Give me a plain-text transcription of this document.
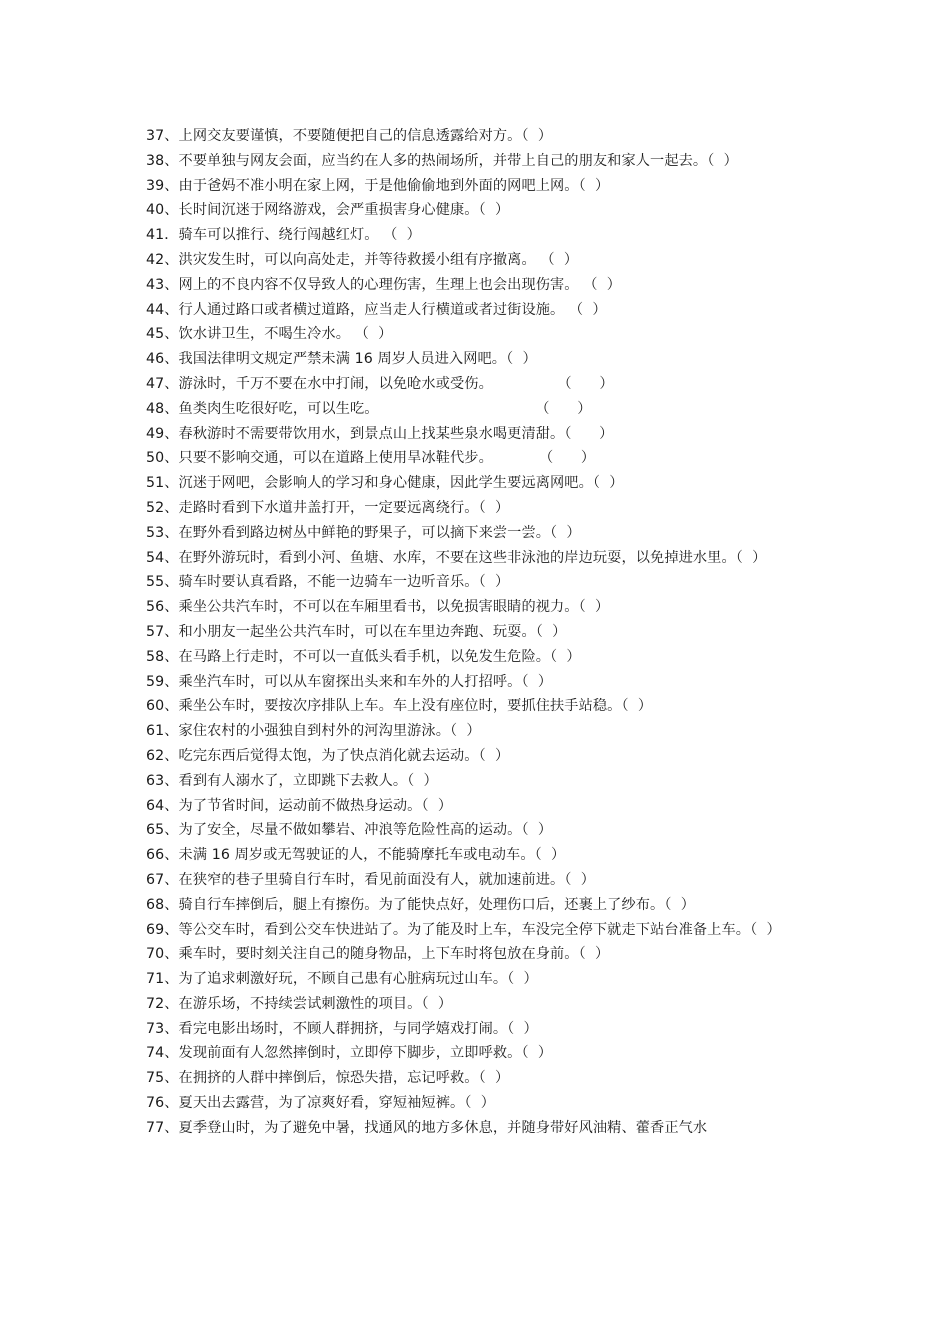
37、上网交友要谨慎，不要随便把自己的信息透露给对方。（  ）

38、不要单独与网友会面，应当约在人多的热闹场所，并带上自己的朋友和家人一起去。（  ）

39、由于爸妈不准小明在家上网，于是他偷偷地到外面的网吧上网。（  ）

40、长时间沉迷于网络游戏，会严重损害身心健康。（  ）

41．骑车可以推行、绕行闯越红灯。 （  ）

42、洪灾发生时，可以向高处走，并等待救援小组有序撤离。 （  ）

43、网上的不良内容不仅导致人的心理伤害，生理上也会出现伤害。 （  ）

44、行人通过路口或者横过道路，应当走人行横道或者过街设施。 （  ）

45、饮水讲卫生，不喝生冷水。 （  ）

46、我国法律明文规定严禁未满 16 周岁人员进入网吧。（  ）

47、游泳时，千万不要在水中打闹，以免呛水或受伤。              （      ）

48、鱼类肉生吃很好吃，可以生吃。                                  （      ）

49、春秋游时不需要带饮用水，到景点山上找某些泉水喝更清甜。（      ）

50、只要不影响交通，可以在道路上使用旱冰鞋代步。          （      ）

51、沉迷于网吧，会影响人的学习和身心健康，因此学生要远离网吧。（  ）

52、走路时看到下水道井盖打开，一定要远离绕行。（  ）

53、在野外看到路边树丛中鲜艳的野果子，可以摘下来尝一尝。（  ）

54、在野外游玩时，看到小河、鱼塘、水库，不要在这些非泳池的岸边玩耍，以免掉进水里。（  ）

55、骑车时要认真看路，不能一边骑车一边听音乐。（  ）

56、乘坐公共汽车时，不可以在车厢里看书，以免损害眼睛的视力。（  ）

57、和小朋友一起坐公共汽车时，可以在车里边奔跑、玩耍。（  ）

58、在马路上行走时，不可以一直低头看手机，以免发生危险。（  ）

59、乘坐汽车时，可以从车窗探出头来和车外的人打招呼。（  ）

60、乘坐公车时，要按次序排队上车。车上没有座位时，要抓住扶手站稳。（  ）

61、家住农村的小强独自到村外的河沟里游泳。（  ）

62、吃完东西后觉得太饱，为了快点消化就去运动。（  ）

63、看到有人溺水了，立即跳下去救人。（  ）

64、为了节省时间，运动前不做热身运动。（  ）

65、为了安全，尽量不做如攀岩、冲浪等危险性高的运动。（  ）

66、未满 16 周岁或无驾驶证的人，不能骑摩托车或电动车。（  ）

67、在狭窄的巷子里骑自行车时，看见前面没有人，就加速前进。（  ）

68、骑自行车摔倒后，腿上有擦伤。为了能快点好，处理伤口后，还裹上了纱布。（  ）

69、等公交车时，看到公交车快进站了。为了能及时上车，车没完全停下就走下站台准备上车。（  ）

70、乘车时，要时刻关注自己的随身物品，上下车时将包放在身前。（  ）

71、为了追求刺激好玩，不顾自己患有心脏病玩过山车。（  ）

72、在游乐场，不持续尝试刺激性的项目。（  ）

73、看完电影出场时，不顾人群拥挤，与同学嬉戏打闹。（  ）

74、发现前面有人忽然摔倒时，立即停下脚步，立即呼救。（  ）

75、在拥挤的人群中摔倒后，惊恐失措，忘记呼救。（  ）

76、夏天出去露营，为了凉爽好看，穿短袖短裤。（  ）

77、夏季登山时，为了避免中暑，找通风的地方多休息，并随身带好风油精、藿香正气水
